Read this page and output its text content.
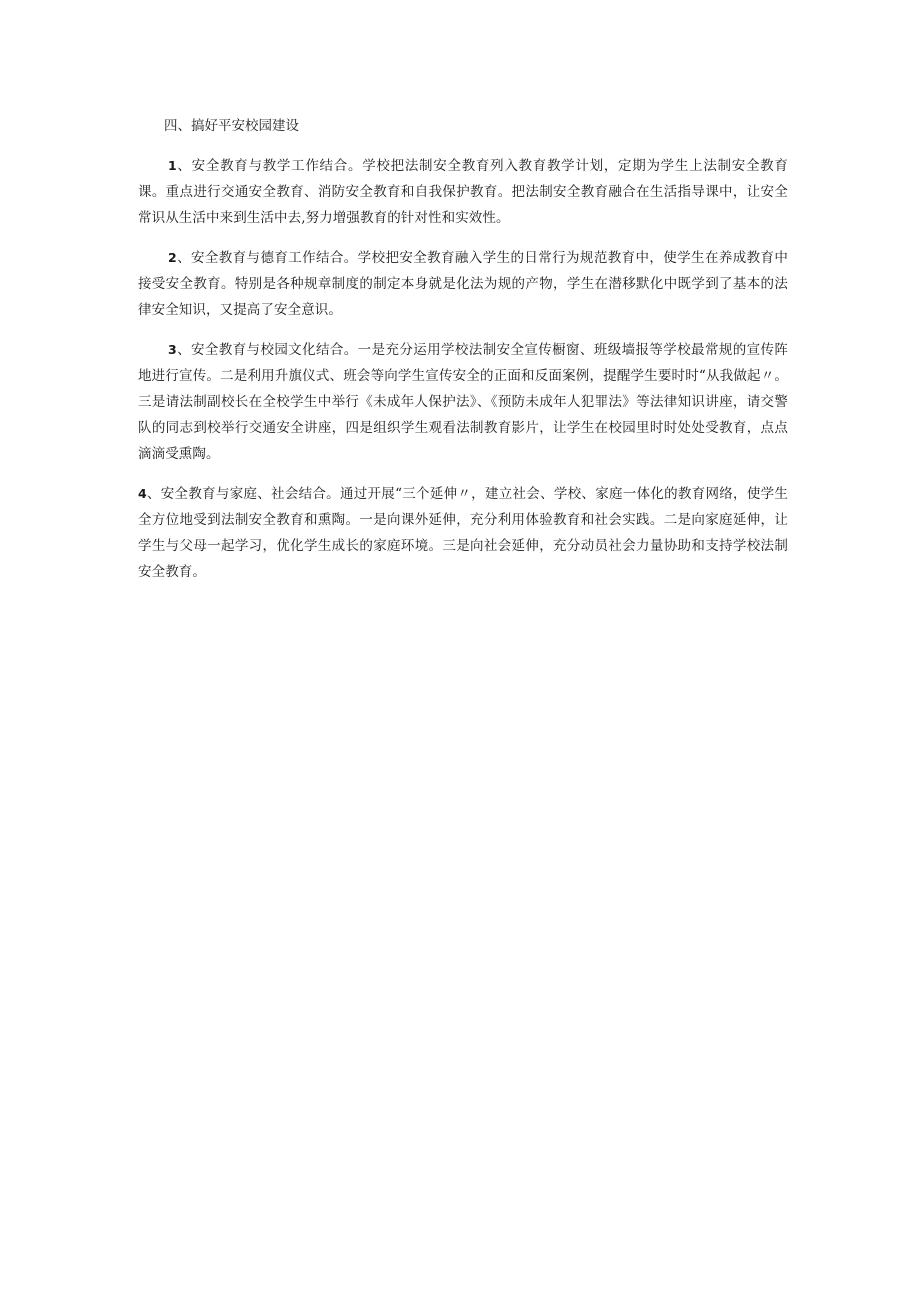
四、搞好平安校园建设

1、安全教育与教学工作结合。学校把法制安全教育列入教育教学计划，定期为学生上法制安全教育课。重点进行交通安全教育、消防安全教育和自我保护教育。把法制安全教育融合在生活指导课中，让安全常识从生活中来到生活中去,努力增强教育的针对性和实效性。

2、安全教育与德育工作结合。学校把安全教育融入学生的日常行为规范教育中，使学生在养成教育中接受安全教育。特别是各种规章制度的制定本身就是化法为规的产物，学生在潜移默化中既学到了基本的法律安全知识，又提高了安全意识。

3、安全教育与校园文化结合。一是充分运用学校法制安全宣传橱窗、班级墙报等学校最常规的宣传阵地进行宣传。二是利用升旗仪式、班会等向学生宣传安全的正面和反面案例，提醒学生要时时“从我做起〃。三是请法制副校长在全校学生中举行《未成年人保护法》、《预防未成年人犯罪法》等法律知识讲座，请交警队的同志到校举行交通安全讲座，四是组织学生观看法制教育影片，让学生在校园里时时处处受教育，点点滴滴受熏陶。

4、安全教育与家庭、社会结合。通过开展“三个延伸〃，建立社会、学校、家庭一体化的教育网络，使学生全方位地受到法制安全教育和熏陶。一是向课外延伸，充分利用体验教育和社会实践。二是向家庭延伸，让学生与父母一起学习，优化学生成长的家庭环境。三是向社会延伸，充分动员社会力量协助和支持学校法制安全教育。
